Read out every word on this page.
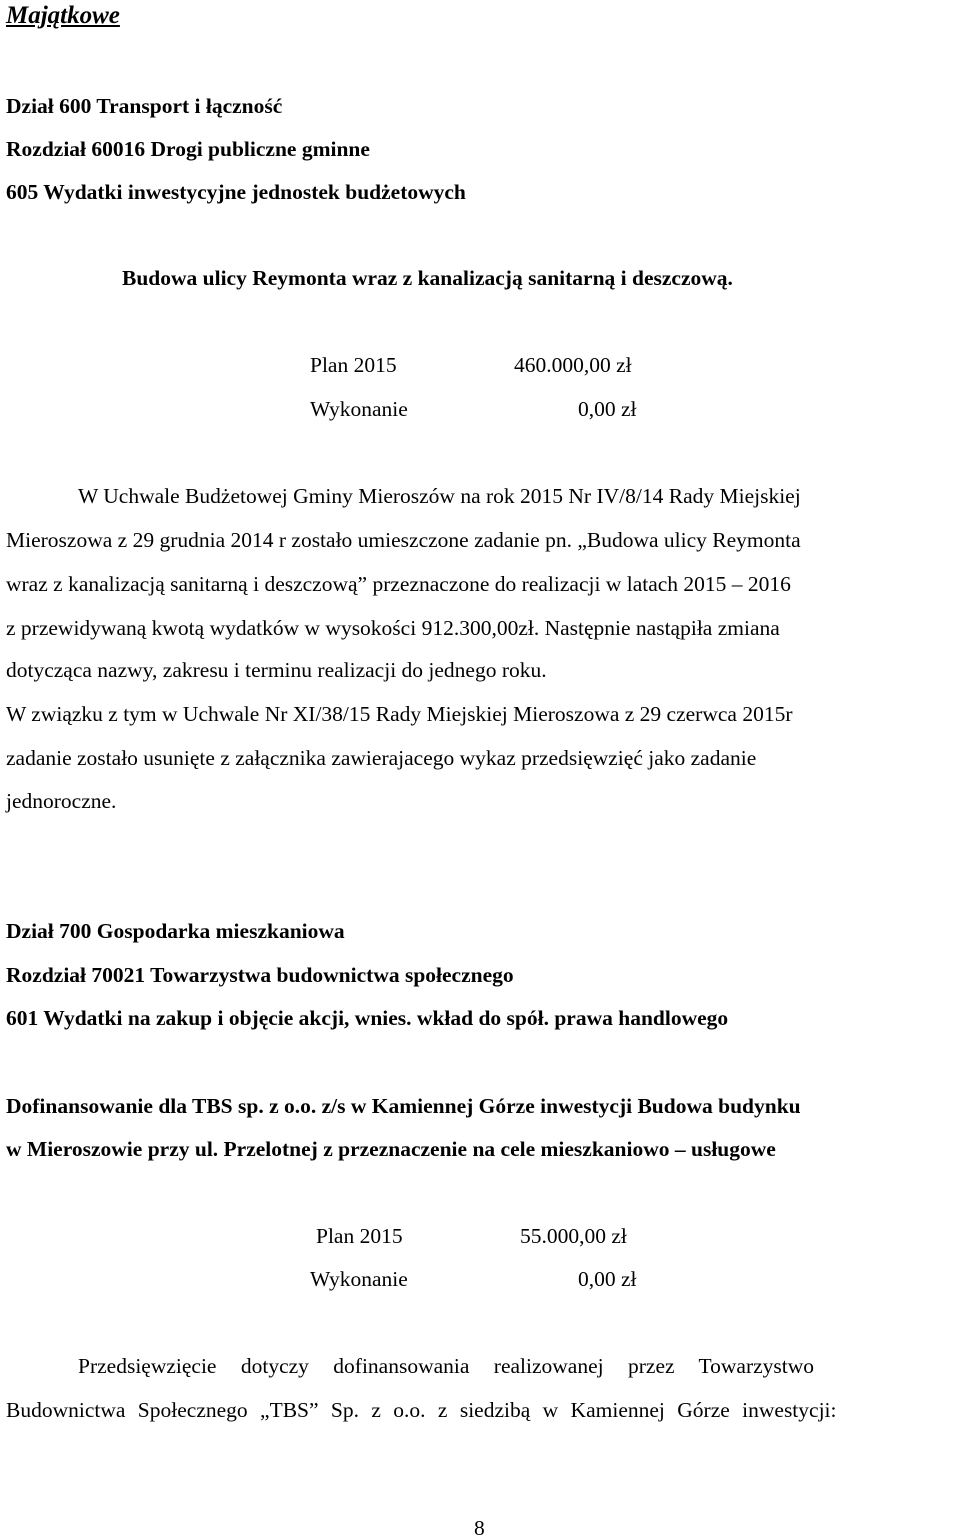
Majątkowe
Dział 600 Transport i łączność
Rozdział 60016 Drogi publiczne gminne
605 Wydatki inwestycyjne jednostek budżetowych
Budowa ulicy Reymonta wraz z kanalizacją sanitarną i deszczową.
Plan 2015	460.000,00 zł
Wykonanie	0,00 zł
W Uchwale Budżetowej Gminy Mieroszów na rok 2015 Nr IV/8/14 Rady Miejskiej
Mieroszowa z 29 grudnia 2014 r zostało umieszczone zadanie pn. „Budowa ulicy Reymonta
wraz z kanalizacją sanitarną i deszczową” przeznaczone do realizacji w latach 2015 – 2016
z przewidywaną kwotą wydatków w wysokości 912.300,00zł. Następnie nastąpiła zmiana
dotycząca nazwy, zakresu i terminu realizacji do jednego roku.
W związku z tym w Uchwale Nr XI/38/15 Rady Miejskiej Mieroszowa z 29 czerwca 2015r
zadanie zostało usunięte z załącznika zawierajacego wykaz przedsięwzięć jako zadanie
jednoroczne.
Dział 700 Gospodarka mieszkaniowa
Rozdział 70021 Towarzystwa budownictwa społecznego
601 Wydatki na zakup i objęcie akcji, wnies. wkład do spół. prawa handlowego
Dofinansowanie dla TBS sp. z o.o. z/s w Kamiennej Górze inwestycji Budowa budynku
w Mieroszowie przy ul. Przelotnej z przeznaczenie na cele mieszkaniowo – usługowe
Plan 2015	55.000,00 zł
Wykonanie	0,00 zł
Przedsięwzięcie dotyczy dofinansowania realizowanej przez Towarzystwo
Budownictwa Społecznego „TBS” Sp. z o.o. z siedzibą w Kamiennej Górze inwestycji:
8
